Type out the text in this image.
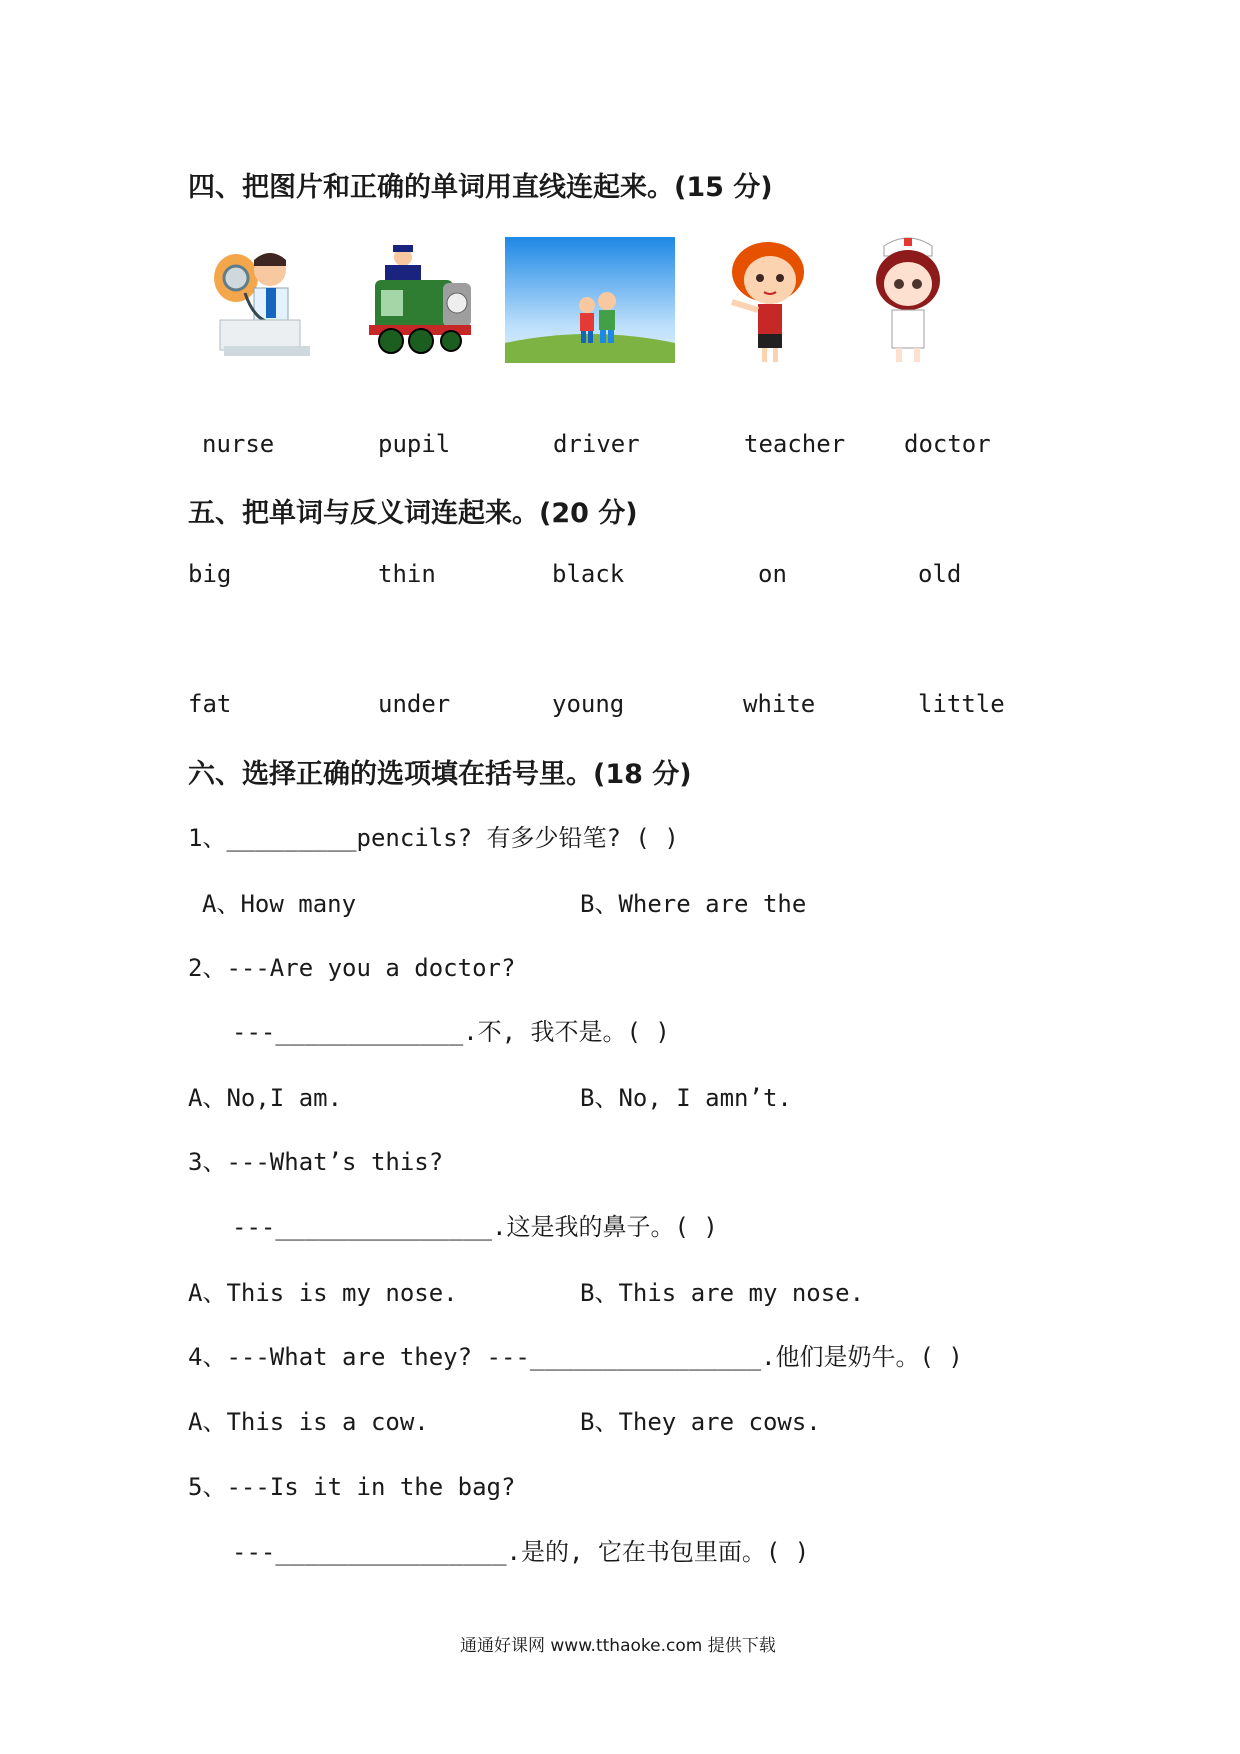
四、把图片和正确的单词用直线连起来。(15 分)
nurse	pupil	driver	teacher doctor
五、把单词与反义词连起来。(20 分)
big	thin	black	on	old
fat	under	young	white	little
六、选择正确的选项填在括号里。(18 分)
1、_________pencils? 有多少铅笔? ( )
A、How many	B、Where are the
2、---Are you a doctor?
---_____________.不, 我不是。( )
A、No,I am.	B、No, I amn’t.
3、---What’s this?
---_______________.这是我的鼻子。( )
A、This is my nose.	B、This are my nose.
4、---What are they? ---________________.他们是奶牛。( )
A、This is a cow.	B、They are cows.
5、---Is it in the bag?
---________________.是的, 它在书包里面。( )
通通好课网 www.tthaoke.com 提供下载
